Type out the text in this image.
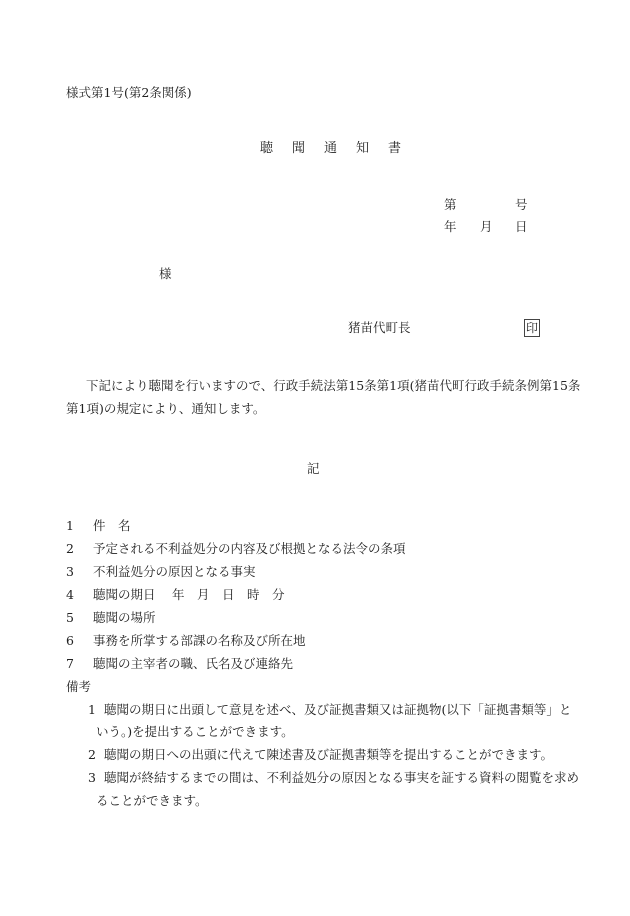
様式第1号(第2条関係)
聴 聞 通 知 書
第	号
年 月 日
様
猪苗代町長	印
下記により聴聞を行いますので、行政手続法第15条第1項(猪苗代町行政手続条例第15条
第1項)の規定により、通知します。
記
1 件　名
2 予定される不利益処分の内容及び根拠となる法令の条項
3 不利益処分の原因となる事実
4 聴聞の期日　 年　月　日　時　分
5 聴聞の場所
6 事務を所掌する部課の名称及び所在地
7 聴聞の主宰者の職、氏名及び連絡先
備考
1 聴聞の期日に出頭して意見を述べ、及び証拠書類又は証拠物(以下「証拠書類等」と
いう。)を提出することができます。
2 聴聞の期日への出頭に代えて陳述書及び証拠書類等を提出することができます。
3 聴聞が終結するまでの間は、不利益処分の原因となる事実を証する資料の閲覧を求め
ることができます。
